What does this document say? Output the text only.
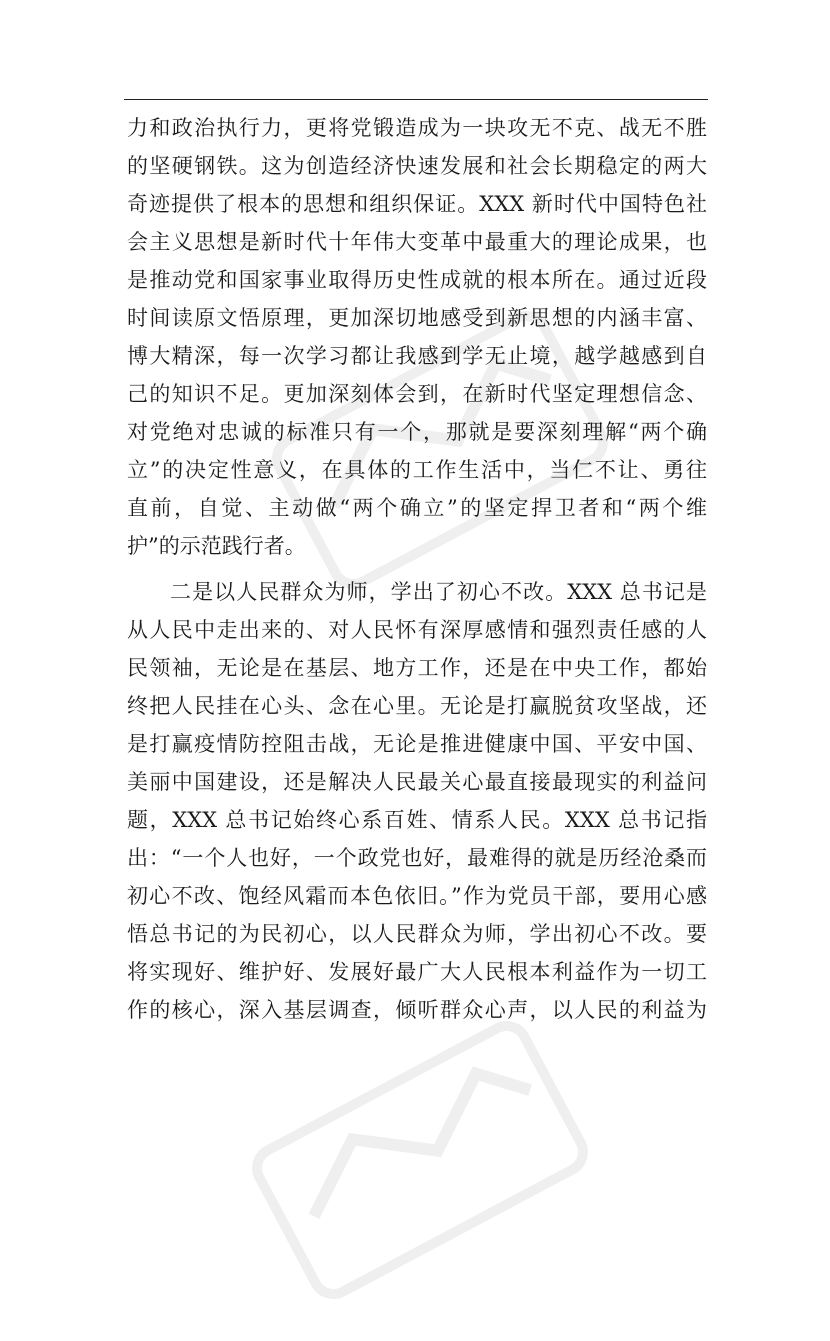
力和政治执行力，更将党锻造成为一块攻无不克、战无不胜
的坚硬钢铁。这为创造经济快速发展和社会长期稳定的两大
奇迹提供了根本的思想和组织保证。XXX 新时代中国特色社
会主义思想是新时代十年伟大变革中最重大的理论成果，也
是推动党和国家事业取得历史性成就的根本所在。通过近段
时间读原文悟原理，更加深切地感受到新思想的内涵丰富、
博大精深，每一次学习都让我感到学无止境，越学越感到自
己的知识不足。更加深刻体会到，在新时代坚定理想信念、
对党绝对忠诚的标准只有一个，那就是要深刻理解“两个确
立”的决定性意义，在具体的工作生活中，当仁不让、勇往
直前，自觉、主动做“两个确立”的坚定捍卫者和“两个维
护”的示范践行者。
二是以人民群众为师，学出了初心不改。XXX 总书记是
从人民中走出来的、对人民怀有深厚感情和强烈责任感的人
民领袖，无论是在基层、地方工作，还是在中央工作，都始
终把人民挂在心头、念在心里。无论是打赢脱贫攻坚战，还
是打赢疫情防控阻击战，无论是推进健康中国、平安中国、
美丽中国建设，还是解决人民最关心最直接最现实的利益问
题，XXX 总书记始终心系百姓、情系人民。XXX 总书记指
出：“一个人也好，一个政党也好，最难得的就是历经沧桑而
初心不改、饱经风霜而本色依旧。”作为党员干部，要用心感
悟总书记的为民初心，以人民群众为师，学出初心不改。要
将实现好、维护好、发展好最广大人民根本利益作为一切工
作的核心，深入基层调查，倾听群众心声，以人民的利益为
